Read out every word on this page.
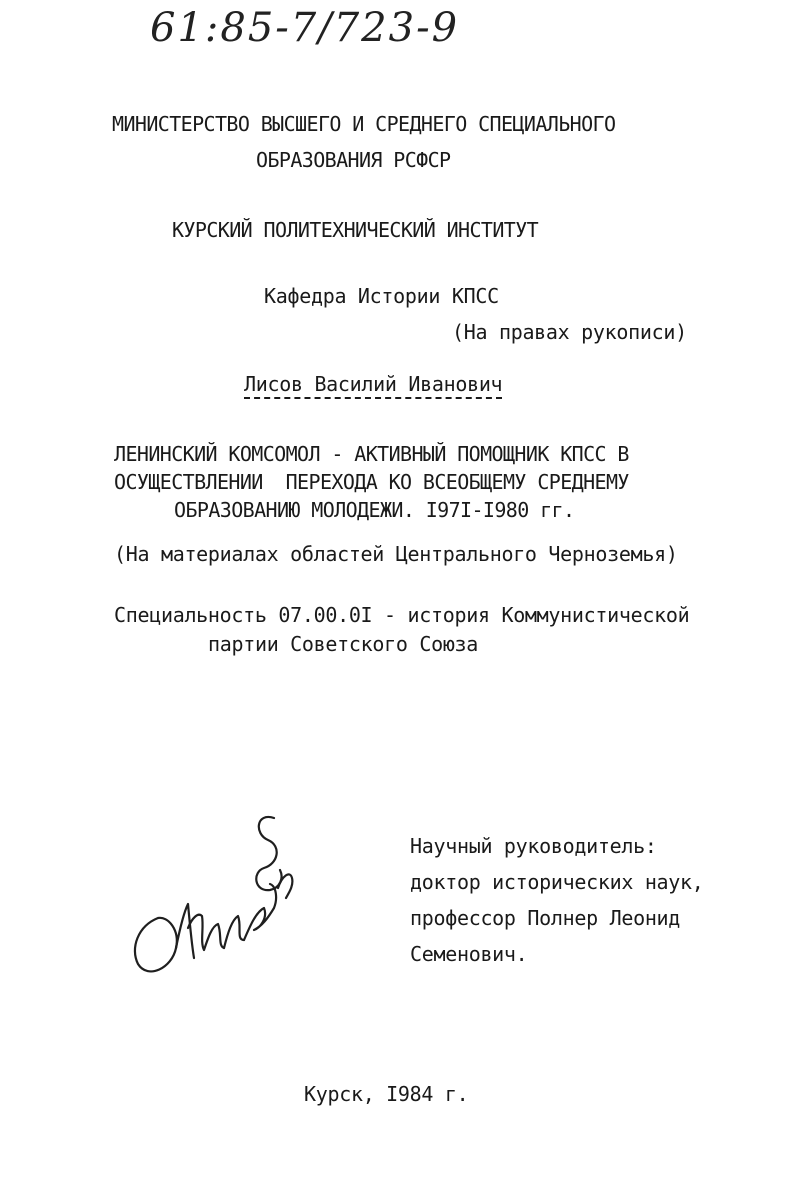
61:85-7/723-9
МИНИСТЕРСТВО ВЫСШЕГО И СРЕДНЕГО СПЕЦИАЛЬНОГО
ОБРАЗОВАНИЯ РСФСР
КУРСКИЙ ПОЛИТЕХНИЧЕСКИЙ ИНСТИТУТ
Кафедра Истории КПСС
(На правах рукописи)
Лисов Василий Иванович
ЛЕНИНСКИЙ КОМСОМОЛ - АКТИВНЫЙ ПОМОЩНИК КПСС В
ОСУЩЕСТВЛЕНИИ  ПЕРЕХОДА КО ВСЕОБЩЕМУ СРЕДНЕМУ
ОБРАЗОВАНИЮ МОЛОДЕЖИ. I97I-I980 гг.
(На материалах областей Центрального Черноземья)
Специальность 07.00.0I - история Коммунистической
партии Советского Союза
Научный руководитель:
доктор исторических наук,
профессор Полнер Леонид
Семенович.
Курск, I984 г.
